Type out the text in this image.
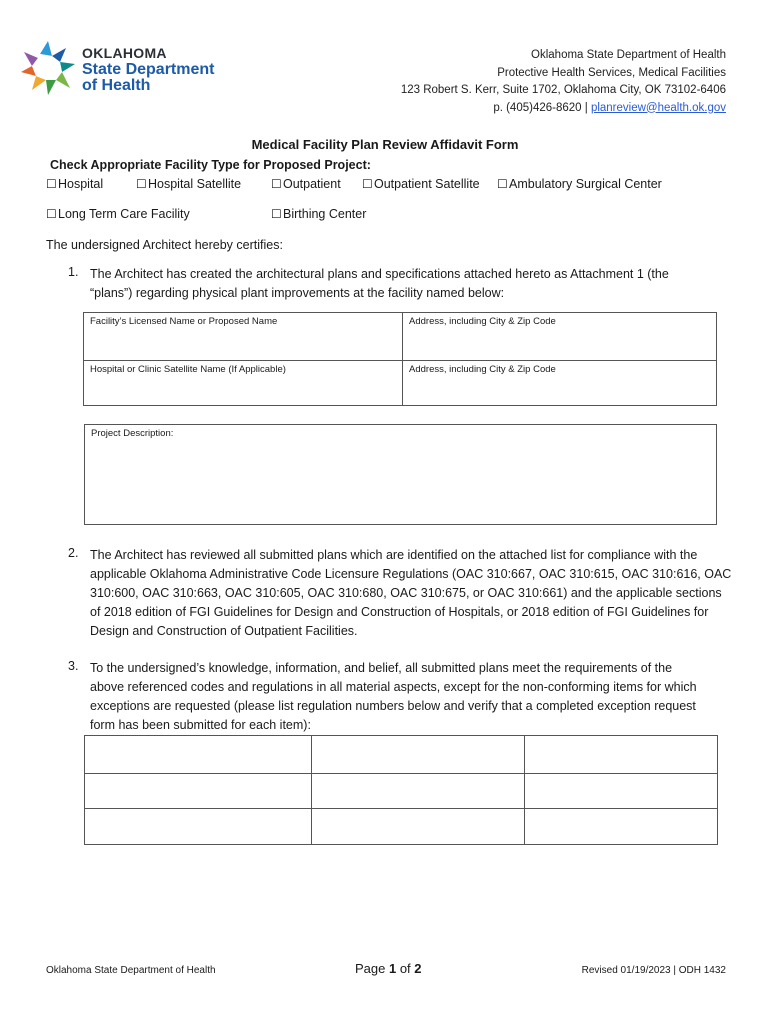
OKLAHOMA
State Department
of Health
Oklahoma State Department of Health
Protective Health Services, Medical Facilities
123 Robert S. Kerr, Suite 1702, Oklahoma City, OK 73102-6406
p. (405)426-8620 | planreview@health.ok.gov
Medical Facility Plan Review Affidavit Form
Check Appropriate Facility Type for Proposed Project:
☐Hospital	☐Hospital Satellite ☐Outpatient ☐Outpatient Satellite ☐Ambulatory Surgical Center
☐Long Term Care Facility	☐Birthing Center
The undersigned Architect hereby certifies:
1. The Architect has created the architectural plans and specifications attached hereto as Attachment 1 (the
“plans”) regarding physical plant improvements at the facility named below:
Facility’s Licensed Name or Proposed Name	Address, including City & Zip Code
Hospital or Clinic Satellite Name (If Applicable)	Address, including City & Zip Code
Project Description:
2. The Architect has reviewed all submitted plans which are identified on the attached list for compliance with the
applicable Oklahoma Administrative Code Licensure Regulations (OAC 310:667, OAC 310:615, OAC 310:616, OAC
310:600, OAC 310:663, OAC 310:605, OAC 310:680, OAC 310:675, or OAC 310:661) and the applicable sections
of 2018 edition of FGI Guidelines for Design and Construction of Hospitals, or 2018 edition of FGI Guidelines for
Design and Construction of Outpatient Facilities.
3. To the undersigned’s knowledge, information, and belief, all submitted plans meet the requirements of the
above referenced codes and regulations in all material aspects, except for the non-conforming items for which
exceptions are requested (please list regulation numbers below and verify that a completed exception request
form has been submitted for each item):

Oklahoma State Department of Health	Page 1 of 2	Revised 01/19/2023 | ODH 1432
